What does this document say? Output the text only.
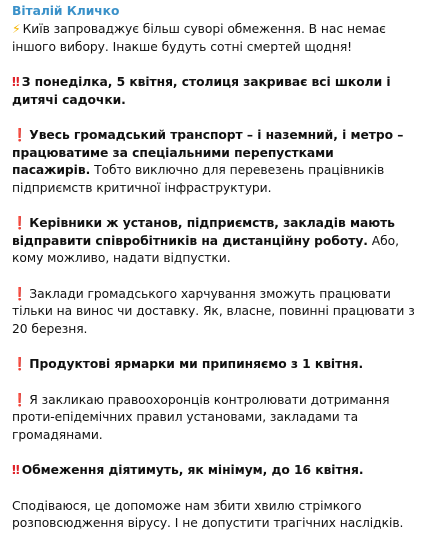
Віталій Кличко
⚡ Київ запроваджує більш суворі обмеження. В нас немає іншого вибору. Інакше будуть сотні смертей щодня!
‼ З понеділка, 5 квітня, столиця закриває всі школи і дитячі садочки.
❗ Увесь громадський транспорт – і наземний, і метро – працюватиме за спеціальними перепустками пасажирів. Тобто виключно для перевезень працівників підприємств критичної інфраструктури.
❗ Керівники ж установ, підприємств, закладів мають відправити співробітників на дистанційну роботу. Або, кому можливо, надати відпустки.
❗ Заклади громадського харчування зможуть працювати тільки на винос чи доставку. Як, власне, повинні працювати з 20 березня.
❗ Продуктові ярмарки ми припиняємо з 1 квітня.
❗ Я закликаю правоохоронців контролювати дотримання проти-епідемічних правил установами, закладами та громадянами.
‼ Обмеження діятимуть, як мінімум, до 16 квітня.
Сподіваюся, це допоможе нам збити хвилю стрімкого розповсюдження вірусу. І не допустити трагічних наслідків.
